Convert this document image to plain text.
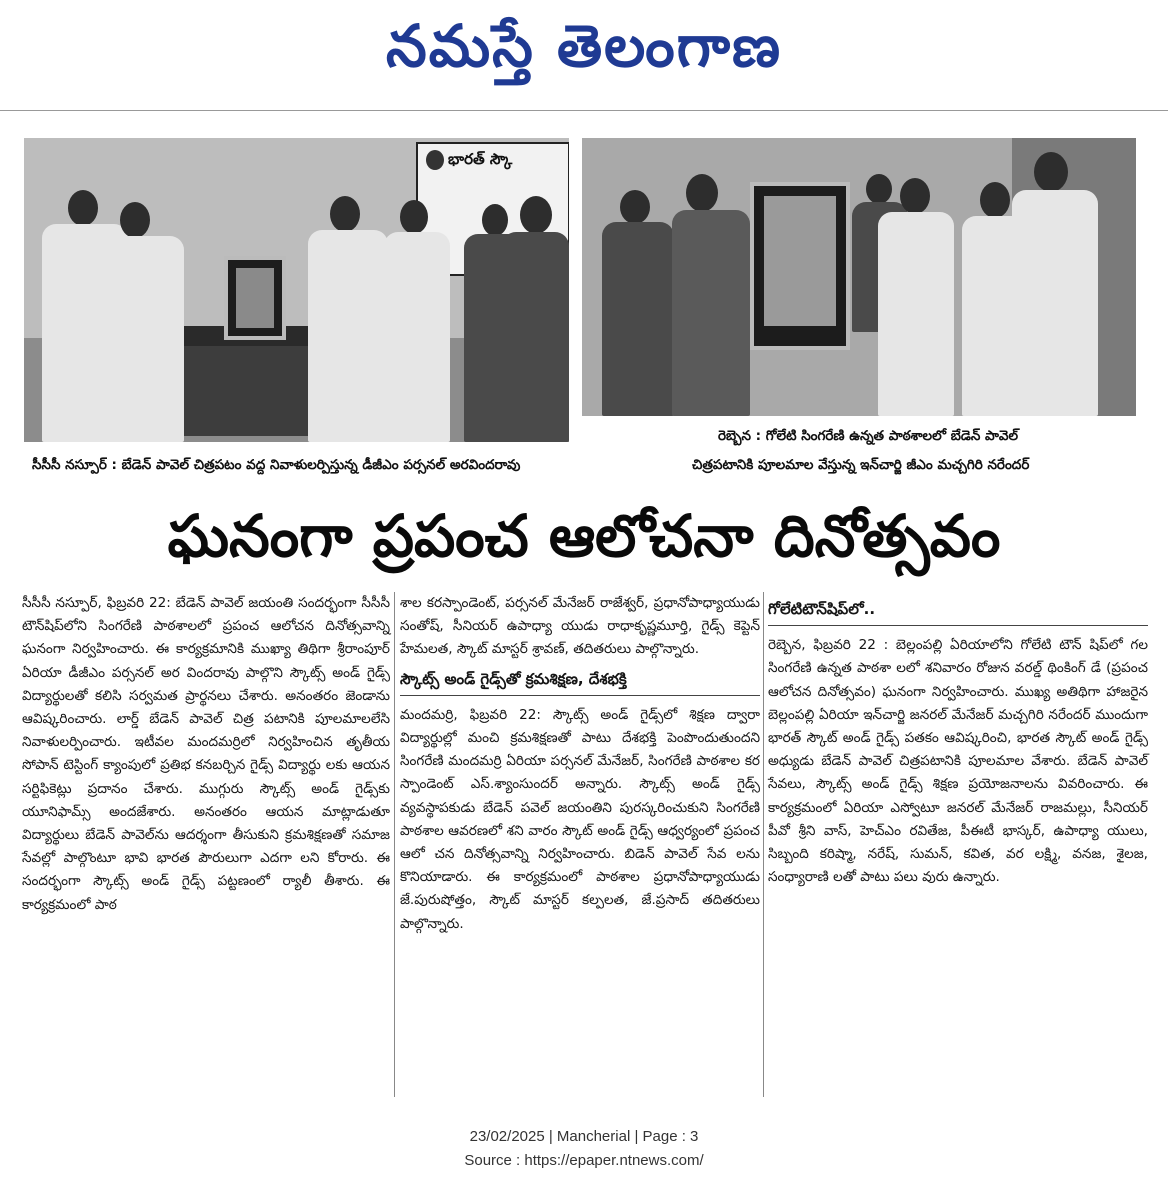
నమస్తే తెలంగాణ
భారత్ స్కౌ
సీసీసీ నస్పూర్ : బేడెన్ పావెల్ చిత్రపటం వద్ద నివాళులర్పిస్తున్న డీజీఎం పర్సనల్ అరవిందరావు
రెబ్బెన : గోలేటి సింగరేణి ఉన్నత పాఠశాలలో బేడెన్ పావెల్
చిత్రపటానికి పూలమాల వేస్తున్న ఇన్‌చార్జి జీఎం మచ్చగిరి నరేందర్
ఘనంగా ప్రపంచ ఆలోచనా దినోత్సవం

సీసీసీ నస్పూర్, ఫిబ్రవరి 22: బేడెన్ పావెల్ జయంతి సందర్భంగా సీసీసీ టౌన్‌షిప్‌లోని సింగరేణి పాఠశాలలో ప్రపంచ ఆలోచన దినోత్సవాన్ని ఘనంగా నిర్వహించారు. ఈ కార్యక్రమానికి ముఖ్యా తిథిగా శ్రీరాంపూర్ ఏరియా డీజీఎం పర్సనల్ అర విందరావు పాల్గొని స్కౌట్స్ అండ్ గైడ్స్ విద్యార్థులతో కలిసి సర్వమత ప్రార్థనలు చేశారు. అనంతరం జెండాను ఆవిష్కరించారు. లార్డ్ బేడెన్ పావెల్ చిత్ర పటానికి పూలమాలలేసి నివాళులర్పించారు. ఇటీవల మందమర్రిలో నిర్వహించిన తృతీయ సోపాన్ టెస్టింగ్ క్యాంపులో ప్రతిభ కనబర్చిన గైడ్స్ విద్యార్థు లకు ఆయన సర్టిఫికెట్లు ప్రదానం చేశారు. ముగ్గురు స్కౌట్స్ అండ్ గైడ్స్‌కు యూనిఫామ్స్ అందజేశారు. అనంతరం ఆయన మాట్లాడుతూ విద్యార్థులు బేడెన్ పావెల్‌ను ఆదర్శంగా తీసుకుని క్రమశిక్షణతో సమాజ సేవల్లో పాల్గొంటూ భావి భారత పౌరులుగా ఎదగా లని కోరారు. ఈ సందర్భంగా స్కౌట్స్ అండ్ గైడ్స్ పట్టణంలో ర్యాలీ తీశారు. ఈ కార్యక్రమంలో పాఠ

శాల కరస్పాండెంట్, పర్సనల్ మేనేజర్ రాజేశ్వర్, ప్రధానోపాధ్యాయుడు సంతోష్, సీనియర్ ఉపాధ్యా యుడు రాధాకృష్ణమూర్తి, గైడ్స్ కెప్టెన్ హేమలత, స్కౌట్ మాస్టర్ శ్రావణ్, తదితరులు పాల్గొన్నారు.

స్కౌట్స్ అండ్ గైడ్స్‌తో క్రమశిక్షణ, దేశభక్తి

మందమర్రి, ఫిబ్రవరి 22: స్కౌట్స్ అండ్ గైడ్స్‌లో శిక్షణ ద్వారా విద్యార్థుల్లో మంచి క్రమశిక్షణతో పాటు దేశభక్తి పెంపొందుతుందని సింగరేణి మందమర్రి ఏరియా పర్సనల్ మేనేజర్, సింగరేణి పాఠశాల కర స్పాండెంట్ ఎస్.శ్యాంసుందర్ అన్నారు. స్కౌట్స్ అండ్ గైడ్స్ వ్యవస్థాపకుడు బేడెన్ పవెల్ జయంతిని పురస్కరించుకుని సింగరేణి పాఠశాల ఆవరణలో శని వారం స్కౌట్ అండ్ గైడ్స్ ఆధ్వర్యంలో ప్రపంచ ఆలో చన దినోత్సవాన్ని నిర్వహించారు. బిడెన్ పావెల్ సేవ లను కొనియాడారు. ఈ కార్యక్రమంలో పాఠశాల ప్రధానోపాధ్యాయుడు జే.పురుషోత్తం, స్కౌట్ మాస్టర్ కల్పలత, జే.ప్రసాద్ తదితరులు పాల్గొన్నారు.

గోలేటిటౌన్‌షిప్‌లో..

రెబ్బెన, ఫిబ్రవరి 22 : బెల్లంపల్లి ఏరియాలోని గోలేటి టౌన్ షిప్‌లో గల సింగరేణి ఉన్నత పాఠశా లలో శనివారం రోజున వరల్డ్ థింకింగ్ డే (ప్రపంచ ఆలోచన దినోత్సవం) ఘనంగా నిర్వహించారు. ముఖ్య అతిథిగా హాజరైన బెల్లంపల్లి ఏరియా ఇన్‌చార్జి జనరల్ మేనేజర్ మచ్చగిరి నరేందర్ ముందుగా భారత్ స్కౌట్ అండ్ గైడ్స్ పతకం ఆవిష్కరించి, భారత స్కౌట్ అండ్ గైడ్స్ అధ్యుడు బేడెన్ పావెల్ చిత్రపటానికి పూలమాల వేశారు. బేడెన్ పావెల్ సేవలు, స్కౌట్స్ అండ్ గైడ్స్ శిక్షణ ప్రయోజనాలను వివరించారు. ఈ కార్యక్రమంలో ఏరియా ఎస్వోటూ జనరల్ మేనేజర్ రాజమల్లు, సీనియర్ పీవో శ్రీని వాస్, హెచ్ఎం రవితేజ, పీఈటీ భాస్కర్, ఉపాధ్యా యులు, సిబ్బంది కరిష్మా, నరేష్, సుమన్, కవిత, వర లక్ష్మి, వనజ, శైలజ, సంధ్యారాణి లతో పాటు పలు వురు ఉన్నారు.

23/02/2025 | Mancherial | Page : 3
Source : https://epaper.ntnews.com/
